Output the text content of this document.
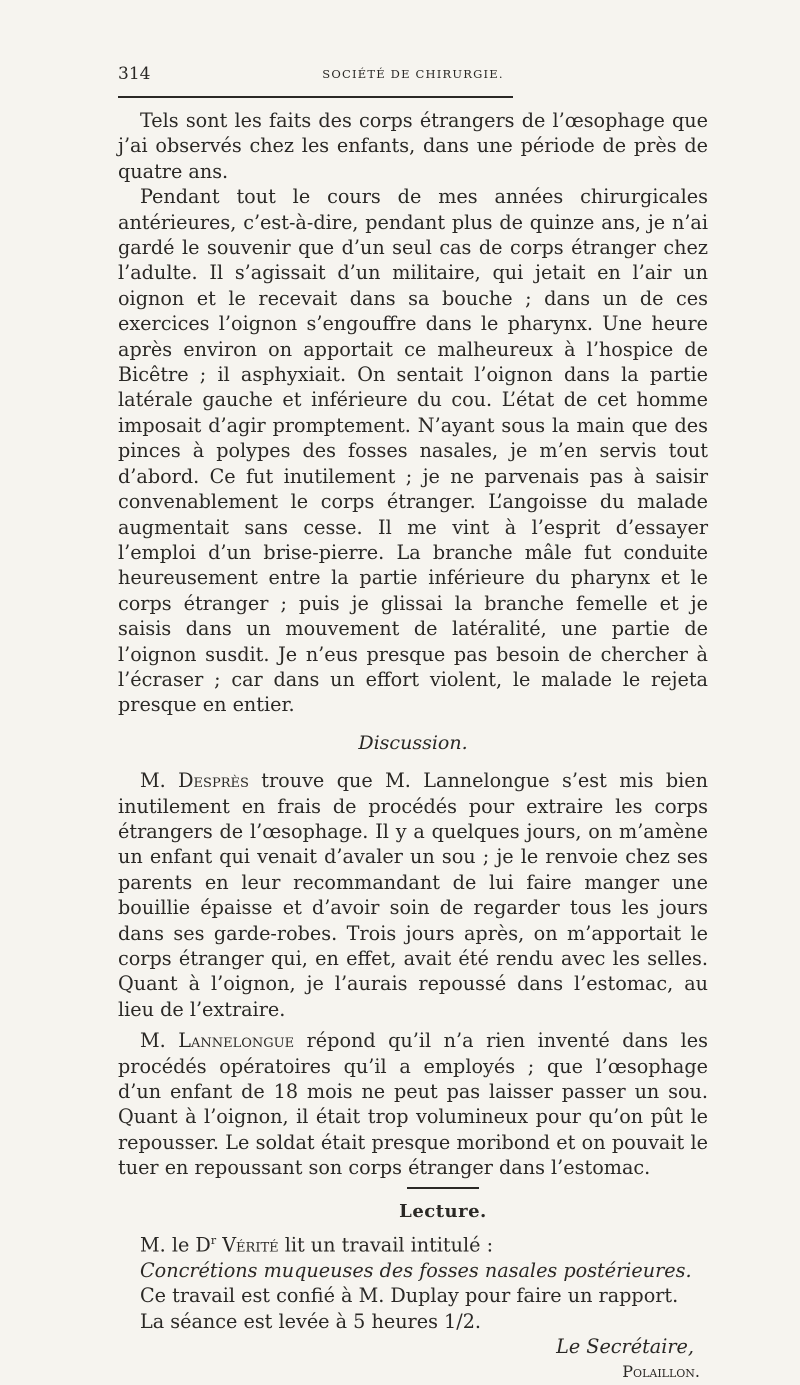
314	SOCIÉTÉ DE CHIRURGIE.

Tels sont les faits des corps étrangers de l’œsophage que j’ai observés chez les enfants, dans une période de près de quatre ans.

Pendant tout le cours de mes années chirurgicales antérieures, c’est-à-dire, pendant plus de quinze ans, je n’ai gardé le souvenir que d’un seul cas de corps étranger chez l’adulte. Il s’agissait d’un militaire, qui jetait en l’air un oignon et le recevait dans sa bouche ; dans un de ces exercices l’oignon s’engouffre dans le pharynx. Une heure après environ on apportait ce malheureux à l’hospice de Bicêtre ; il asphyxiait. On sentait l’oignon dans la partie latérale gauche et inférieure du cou. L’état de cet homme imposait d’agir promptement. N’ayant sous la main que des pinces à polypes des fosses nasales, je m’en servis tout d’abord. Ce fut inutilement ; je ne parvenais pas à saisir convenablement le corps étranger. L’angoisse du malade augmentait sans cesse. Il me vint à l’esprit d’essayer l’emploi d’un brise-pierre. La branche mâle fut conduite heureusement entre la partie inférieure du pharynx et le corps étranger ; puis je glissai la branche femelle et je saisis dans un mouvement de latéralité, une partie de l’oignon susdit. Je n’eus presque pas besoin de chercher à l’écraser ; car dans un effort violent, le malade le rejeta presque en entier.

Discussion.

M. Desprès trouve que M. Lannelongue s’est mis bien inutilement en frais de procédés pour extraire les corps étrangers de l’œsophage. Il y a quelques jours, on m’amène un enfant qui venait d’avaler un sou ; je le renvoie chez ses parents en leur recommandant de lui faire manger une bouillie épaisse et d’avoir soin de regarder tous les jours dans ses garde-robes. Trois jours après, on m’apportait le corps étranger qui, en effet, avait été rendu avec les selles. Quant à l’oignon, je l’aurais repoussé dans l’estomac, au lieu de l’extraire.

M. Lannelongue répond qu’il n’a rien inventé dans les procédés opératoires qu’il a employés ; que l’œsophage d’un enfant de 18 mois ne peut pas laisser passer un sou. Quant à l’oignon, il était trop volumineux pour qu’on pût le repousser. Le soldat était presque moribond et on pouvait le tuer en repoussant son corps étranger dans l’estomac.

Lecture.

M. le $D^r$ Vérité lit un travail intitulé :

Concrétions muqueuses des fosses nasales postérieures.

Ce travail est confié à M. Duplay pour faire un rapport.

La séance est levée à 5 heures 1/2.

Le Secrétaire,
Polaillon.
